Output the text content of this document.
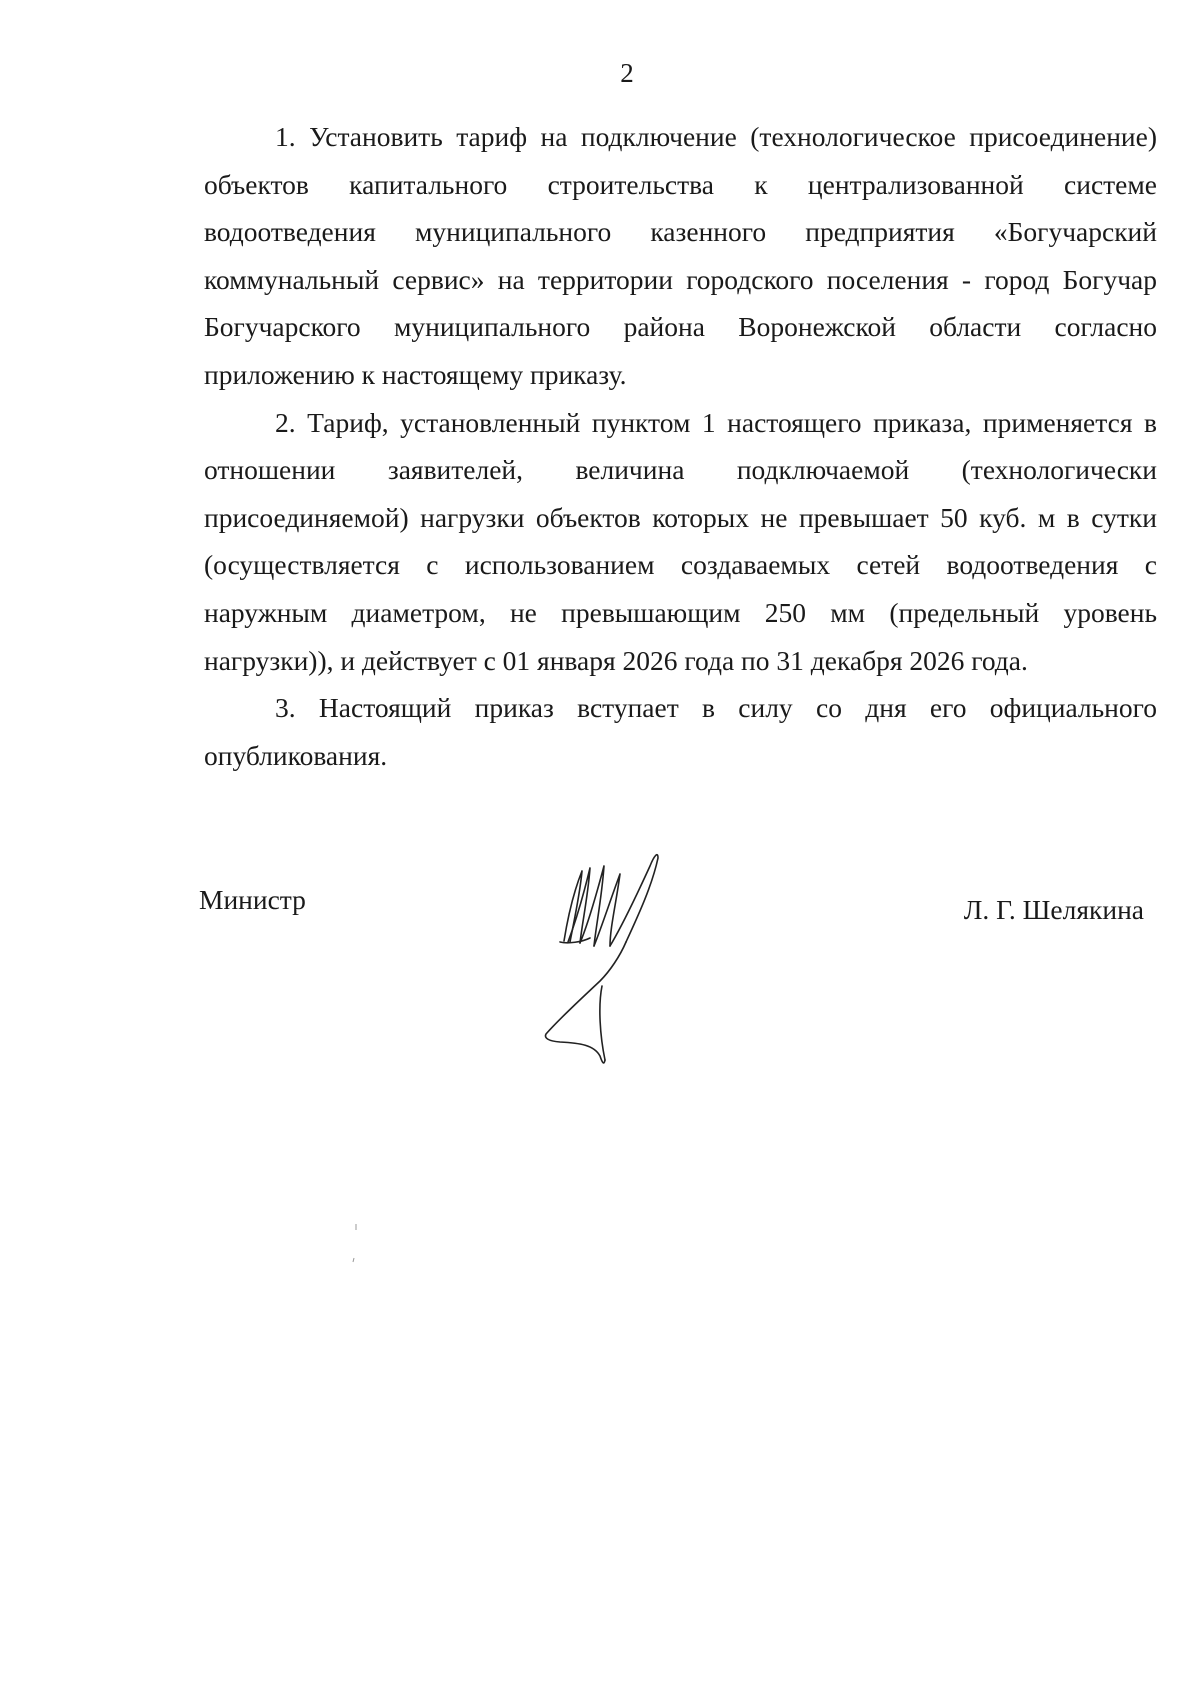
2

1. Установить тариф на подключение (технологическое присоединение) объектов капитального строительства к централизованной системе водоотведения муниципального казенного предприятия «Богучарский коммунальный сервис» на территории городского поселения - город Богучар Богучарского муниципального района Воронежской области согласно приложению к настоящему приказу.

2. Тариф, установленный пунктом 1 настоящего приказа, применяется в отношении заявителей, величина подключаемой (технологически присоединяемой) нагрузки объектов которых не превышает 50 куб. м в сутки (осуществляется с использованием создаваемых сетей водоотведения с наружным диаметром, не превышающим 250 мм (предельный уровень нагрузки)), и действует с 01 января 2026 года по 31 декабря 2026 года.

3. Настоящий приказ вступает в силу со дня его официального опубликования.

Министр	Л. Г. Шелякина
